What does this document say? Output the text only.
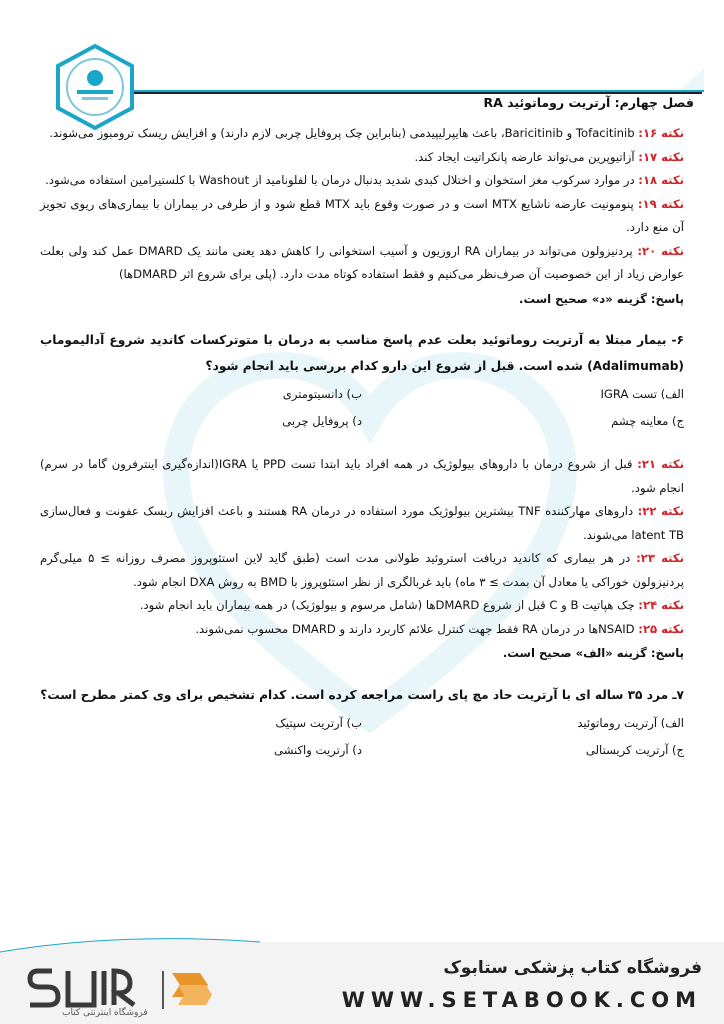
فصل چهارم: آرتریت روماتوئید RA
نکته ۱۶: Tofacitinib و Baricitinib، باعث هایپرلیپیدمی (بنابراین چک پروفایل چربی لازم دارند) و افزایش ریسک ترومبوز می‌شوند.
نکته ۱۷: آزاتیوپرین می‌تواند عارضه پانکراتیت ایجاد کند.
نکته ۱۸: در موارد سرکوب مغز استخوان و اختلال کبدی شدید بدنبال درمان با لفلونامید از Washout با کلستیرامین استفاده می‌شود.
نکته ۱۹: پنومونیت عارضه ناشایع MTX است و در صورت وقوع باید MTX قطع شود و از طرفی در بیماران با بیماری‌های ریوی تجویز آن منع دارد.
نکته ۲۰: پردنیزولون می‌تواند در بیماران RA اروزیون و آسیب استخوانی را کاهش دهد یعنی مانند یک DMARD عمل کند ولی بعلت عوارض زیاد از این خصوصیت آن صرف‌نظر می‌کنیم و فقط استفاده کوتاه مدت دارد. (پلی برای شروع اثر DMARDها)
پاسخ: گزینه «د» صحیح است.
۶- بیمار مبتلا به آرتریت روماتوئید بعلت عدم پاسخ مناسب به درمان با متوترکسات کاندید شروع آدالیموماب (Adalimumab) شده است. قبل از شروع این دارو کدام بررسی باید انجام شود؟
الف) تست IGRA
ب) دانسیتومتری
ج) معاینه چشم
د) پروفایل چربی
نکته ۲۱: قبل از شروع درمان با داروهای بیولوژیک در همه افراد باید ابتدا تست PPD یا IGRA(اندازه‌گیری اینترفرون گاما در سرم) انجام شود.
نکته ۲۲: داروهای مهارکننده TNF بیشترین بیولوژیک مورد استفاده در درمان RA هستند و باعث افزایش ریسک عفونت و فعال‌سازی latent TB می‌شوند.
نکته ۲۳: در هر بیماری که کاندید دریافت استروئید طولانی مدت است (طبق گاید لاین استئوپروز مصرف روزانه ≥ ۵ میلی‌گرم پردنیزولون خوراکی یا معادل آن بمدت ≥ ۳ ماه) باید غربالگری از نظر استئوپروز با BMD به روش DXA انجام شود.
نکته ۲۴: چک هپاتیت B و C قبل از شروع DMARDها (شامل مرسوم و بیولوژیک) در همه بیماران باید انجام شود.
نکته ۲۵: NSAIDها در درمان RA فقط جهت کنترل علائم کاربرد دارند و DMARD محسوب نمی‌شوند.
پاسخ: گزینه «الف» صحیح است.
۷ـ مرد ۳۵ ساله ای با آرتریت حاد مچ پای راست مراجعه کرده است. کدام تشخیص برای وی کمتر مطرح است؟
الف) آرتریت روماتوئید
ب) آرتریت سپتیک
ج) آرتریت کریستالی
د) آرتریت واکنشی
فروشگاه اینترنتی کتاب
فروشگاه کتاب پزشکی ستابوک
WWW.SETABOOK.COM
